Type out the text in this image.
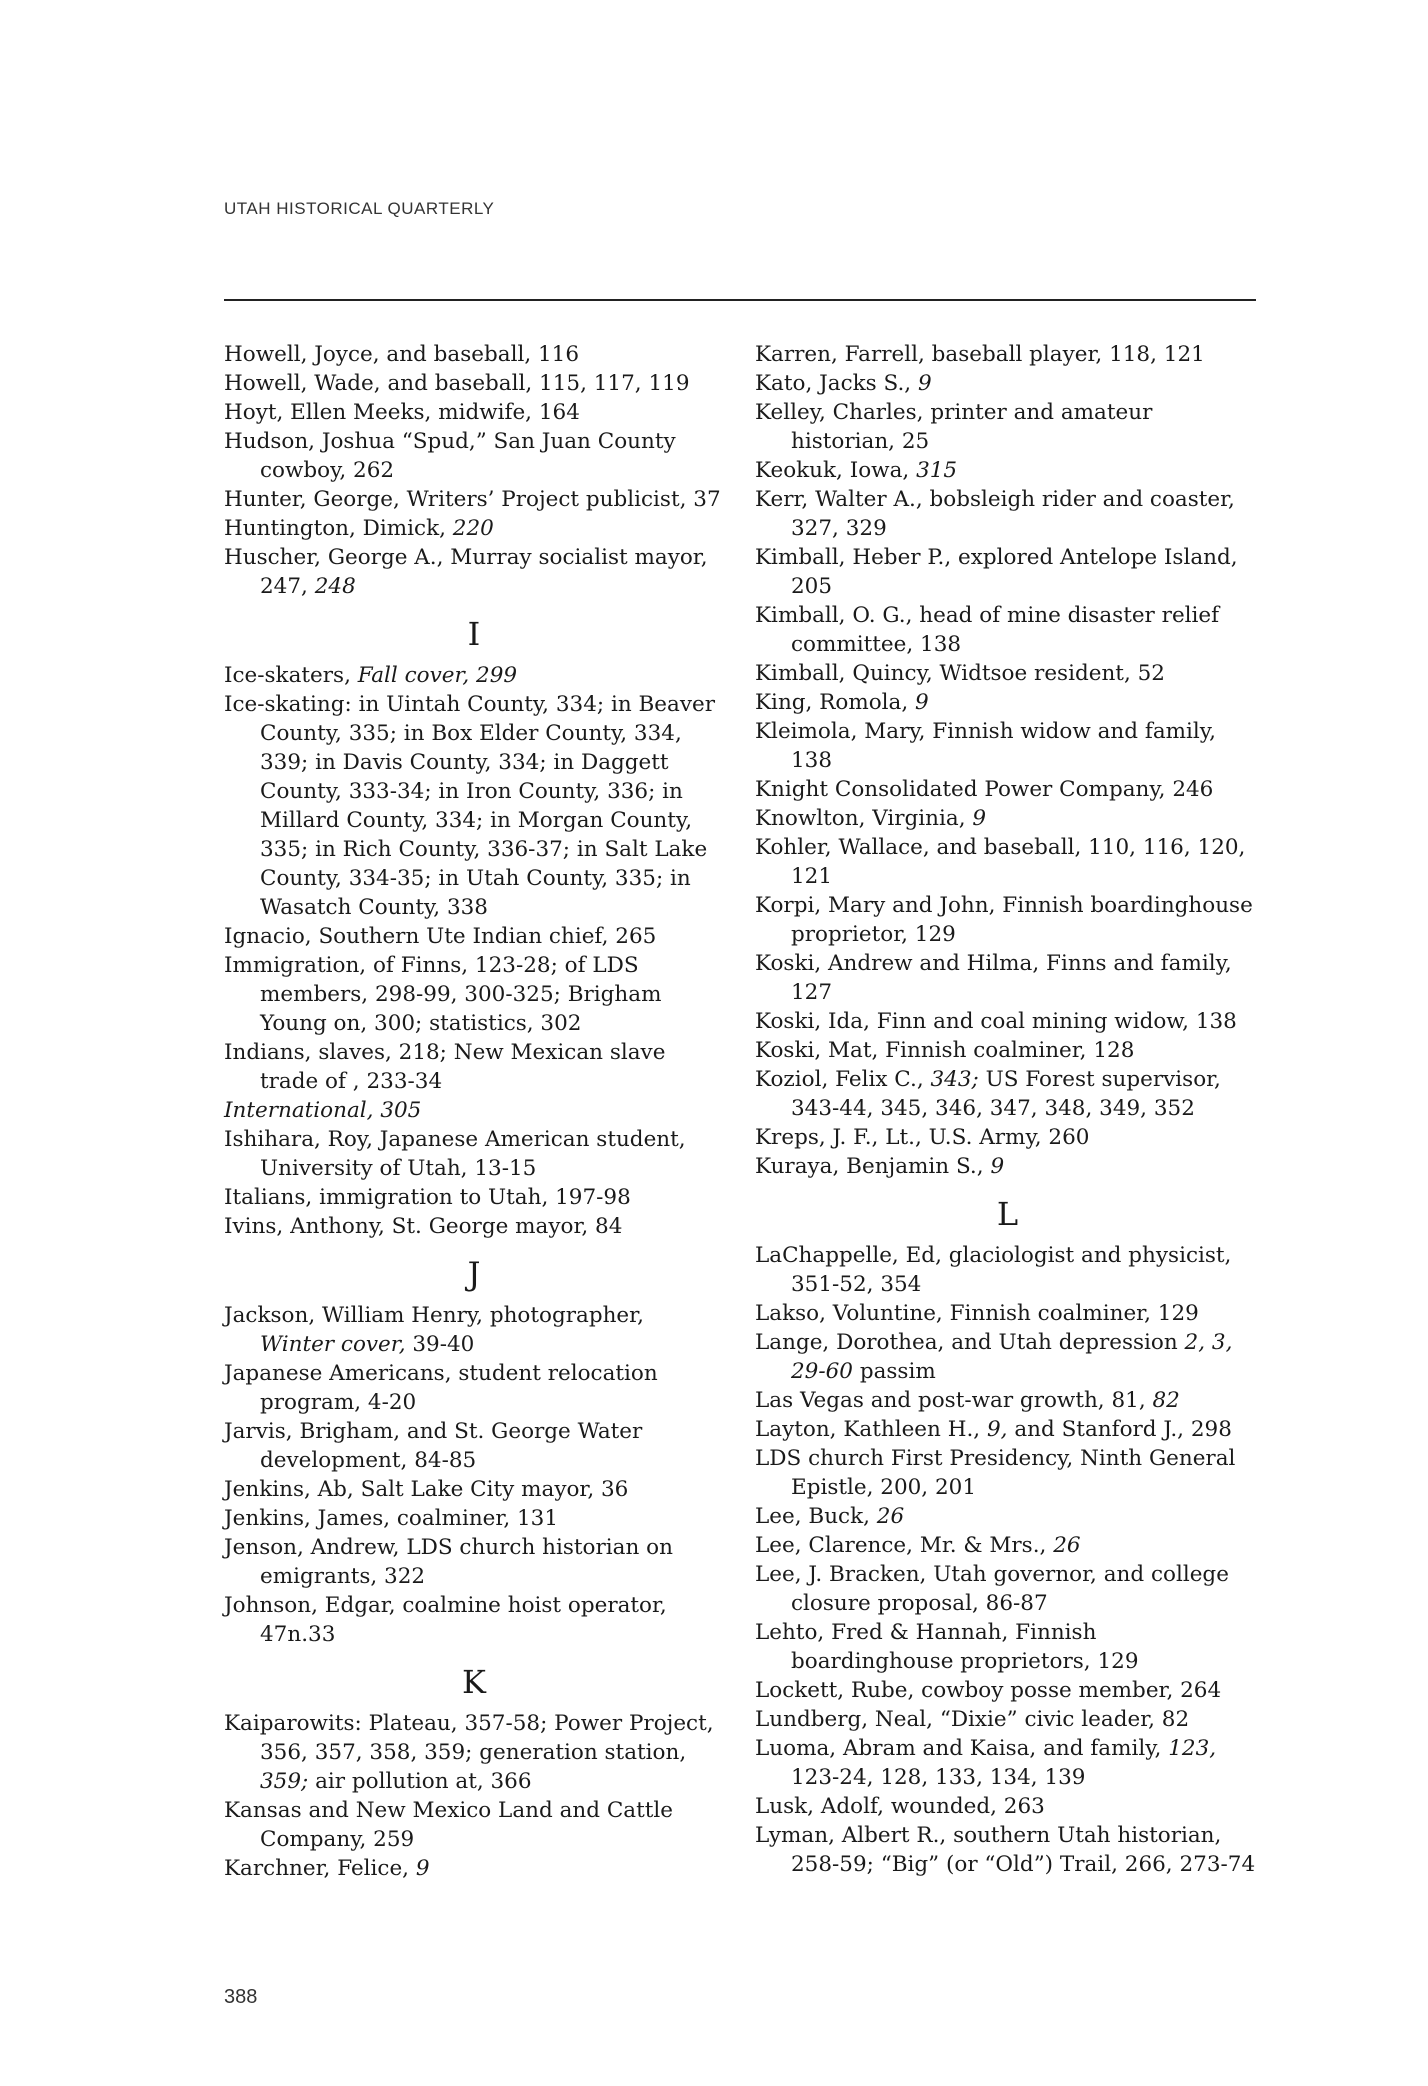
UTAH HISTORICAL QUARTERLY
Howell, Joyce, and baseball, 116
Howell, Wade, and baseball, 115, 117, 119
Hoyt, Ellen Meeks, midwife, 164
Hudson, Joshua “Spud,” San Juan County cowboy, 262
Hunter, George, Writers’ Project publicist, 37
Huntington, Dimick, 220
Huscher, George A., Murray socialist mayor, 247, 248
I
Ice-skaters, Fall cover, 299
Ice-skating: in Uintah County, 334; in Beaver County, 335; in Box Elder County, 334, 339; in Davis County, 334; in Daggett County, 333-34; in Iron County, 336; in Millard County, 334; in Morgan County, 335; in Rich County, 336-37; in Salt Lake County, 334-35; in Utah County, 335; in Wasatch County, 338
Ignacio, Southern Ute Indian chief, 265
Immigration, of Finns, 123-28; of LDS members, 298-99, 300-325; Brigham Young on, 300; statistics, 302
Indians, slaves, 218; New Mexican slave trade of , 233-34
International, 305
Ishihara, Roy, Japanese American student, University of Utah, 13-15
Italians, immigration to Utah, 197-98
Ivins, Anthony, St. George mayor, 84
J
Jackson, William Henry, photographer, Winter cover, 39-40
Japanese Americans, student relocation program, 4-20
Jarvis, Brigham, and St. George Water development, 84-85
Jenkins, Ab, Salt Lake City mayor, 36
Jenkins, James, coalminer, 131
Jenson, Andrew, LDS church historian on emigrants, 322
Johnson, Edgar, coalmine hoist operator, 47n.33
K
Kaiparowits: Plateau, 357-58; Power Project, 356, 357, 358, 359; generation station, 359; air pollution at, 366
Kansas and New Mexico Land and Cattle Company, 259
Karchner, Felice, 9
Karren, Farrell, baseball player, 118, 121
Kato, Jacks S., 9
Kelley, Charles, printer and amateur historian, 25
Keokuk, Iowa, 315
Kerr, Walter A., bobsleigh rider and coaster, 327, 329
Kimball, Heber P., explored Antelope Island, 205
Kimball, O. G., head of mine disaster relief committee, 138
Kimball, Quincy, Widtsoe resident, 52
King, Romola, 9
Kleimola, Mary, Finnish widow and family, 138
Knight Consolidated Power Company, 246
Knowlton, Virginia, 9
Kohler, Wallace, and baseball, 110, 116, 120, 121
Korpi, Mary and John, Finnish boardinghouse proprietor, 129
Koski, Andrew and Hilma, Finns and family, 127
Koski, Ida, Finn and coal mining widow, 138
Koski, Mat, Finnish coalminer, 128
Koziol, Felix C., 343; US Forest supervisor, 343-44, 345, 346, 347, 348, 349, 352
Kreps, J. F., Lt., U.S. Army, 260
Kuraya, Benjamin S., 9
L
LaChappelle, Ed, glaciologist and physicist, 351-52, 354
Lakso, Voluntine, Finnish coalminer, 129
Lange, Dorothea, and Utah depression 2, 3, 29-60 passim
Las Vegas and post-war growth, 81, 82
Layton, Kathleen H., 9, and Stanford J., 298
LDS church First Presidency, Ninth General Epistle, 200, 201
Lee, Buck, 26
Lee, Clarence, Mr. & Mrs., 26
Lee, J. Bracken, Utah governor, and college closure proposal, 86-87
Lehto, Fred & Hannah, Finnish boardinghouse proprietors, 129
Lockett, Rube, cowboy posse member, 264
Lundberg, Neal, “Dixie” civic leader, 82
Luoma, Abram and Kaisa, and family, 123, 123-24, 128, 133, 134, 139
Lusk, Adolf, wounded, 263
Lyman, Albert R., southern Utah historian, 258-59; “Big” (or “Old”) Trail, 266, 273-74
388
